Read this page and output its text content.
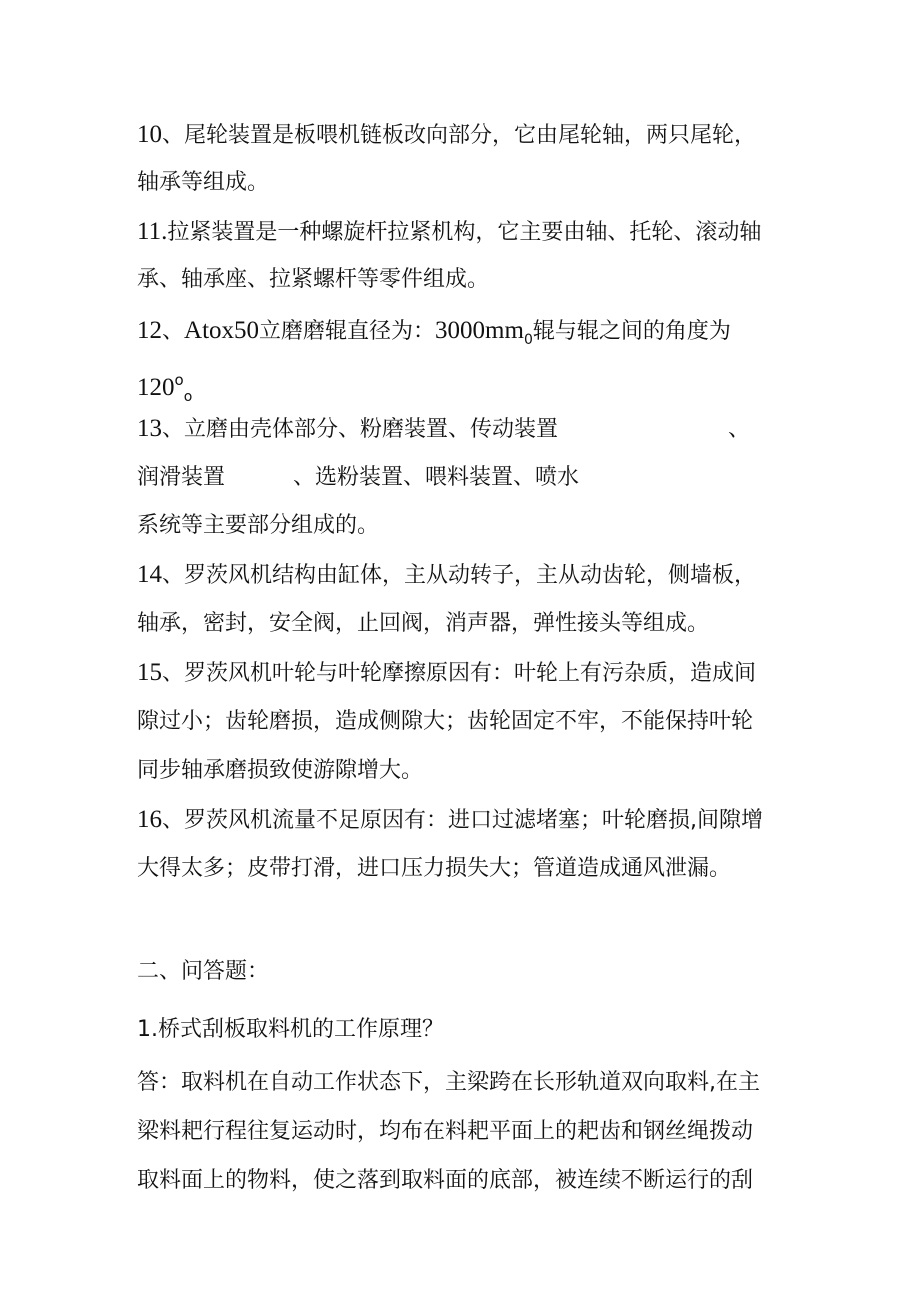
10、尾轮装置是板喂机链板改向部分，它由尾轮轴，两只尾轮，
轴承等组成。
11.拉紧装置是一种螺旋杆拉紧机构，它主要由轴、托轮、滚动轴
承、轴承座、拉紧螺杆等零件组成。
12、Atox50立磨磨辊直径为：$3000mm_0$辊与辊之间的角度为
$120^o_o$
13、立磨由壳体部分、粉磨装置、传动装置	、
润滑装置	、选粉装置、喂料装置、喷水
系统等主要部分组成的。
14、罗茨风机结构由缸体，主从动转子，主从动齿轮，侧墙板，
轴承，密封，安全阀，止回阀，消声器，弹性接头等组成。
15、罗茨风机叶轮与叶轮摩擦原因有：叶轮上有污杂质，造成间
隙过小；齿轮磨损，造成侧隙大；齿轮固定不牢，不能保持叶轮
同步轴承磨损致使游隙增大。
16、罗茨风机流量不足原因有：进口过滤堵塞；叶轮磨损,间隙增
大得太多；皮带打滑，进口压力损失大；管道造成通风泄漏。
二、问答题：
1.桥式刮板取料机的工作原理？
答：取料机在自动工作状态下，主梁跨在长形轨道双向取料,在主
梁料耙行程往复运动时，均布在料耙平面上的耙齿和钢丝绳拨动
取料面上的物料，使之落到取料面的底部，被连续不断运行的刮
